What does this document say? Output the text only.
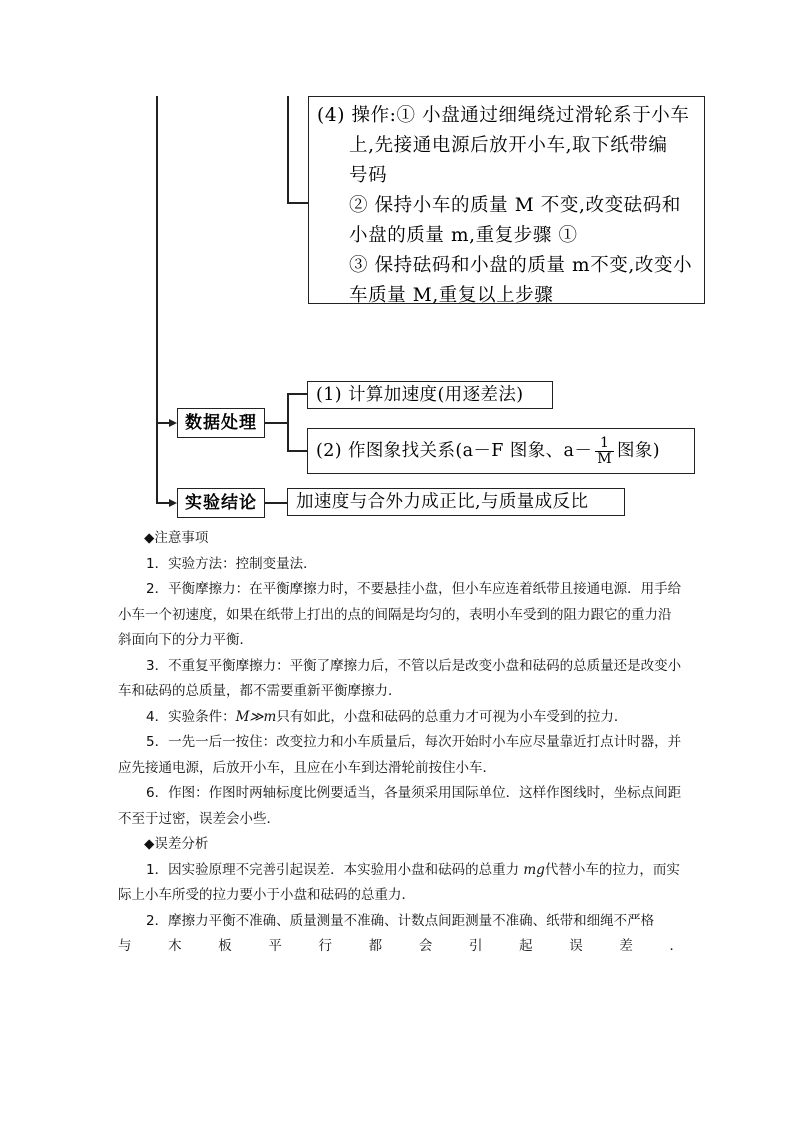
(4) 操作:① 小盘通过细绳绕过滑轮系于小车
上,先接通电源后放开小车,取下纸带编
号码
② 保持小车的质量 M 不变,改变砝码和
小盘的质量 m,重复步骤 ①
③ 保持砝码和小盘的质量 m不变,改变小
车质量 M,重复以上步骤
数据处理
(1) 计算加速度(用逐差法)
(2) 作图象找关系(a－F 图象、$a- \frac{1}{M}$ 图象)
实验结论	加速度与合外力成正比,与质量成反比

◆注意事项

1．实验方法：控制变量法．

2．平衡摩擦力：在平衡摩擦力时，不要悬挂小盘，但小车应连着纸带且接通电源．用手给小车一个初速度，如果在纸带上打出的点的间隔是均匀的，表明小车受到的阻力跟它的重力沿斜面向下的分力平衡．

3．不重复平衡摩擦力：平衡了摩擦力后，不管以后是改变小盘和砝码的总质量还是改变小车和砝码的总质量，都不需要重新平衡摩擦力．

4．实验条件：M≫m只有如此，小盘和砝码的总重力才可视为小车受到的拉力．

5．一先一后一按住：改变拉力和小车质量后，每次开始时小车应尽量靠近打点计时器，并应先接通电源，后放开小车，且应在小车到达滑轮前按住小车．

6．作图：作图时两轴标度比例要适当，各量须采用国际单位．这样作图线时，坐标点间距不至于过密，误差会小些．

◆误差分析

1．因实验原理不完善引起误差．本实验用小盘和砝码的总重力 mg代替小车的拉力，而实际上小车所受的拉力要小于小盘和砝码的总重力．

2．摩擦力平衡不准确、质量测量不准确、计数点间距测量不准确、纸带和细绳不严格

与木板平行都会引起误差．
